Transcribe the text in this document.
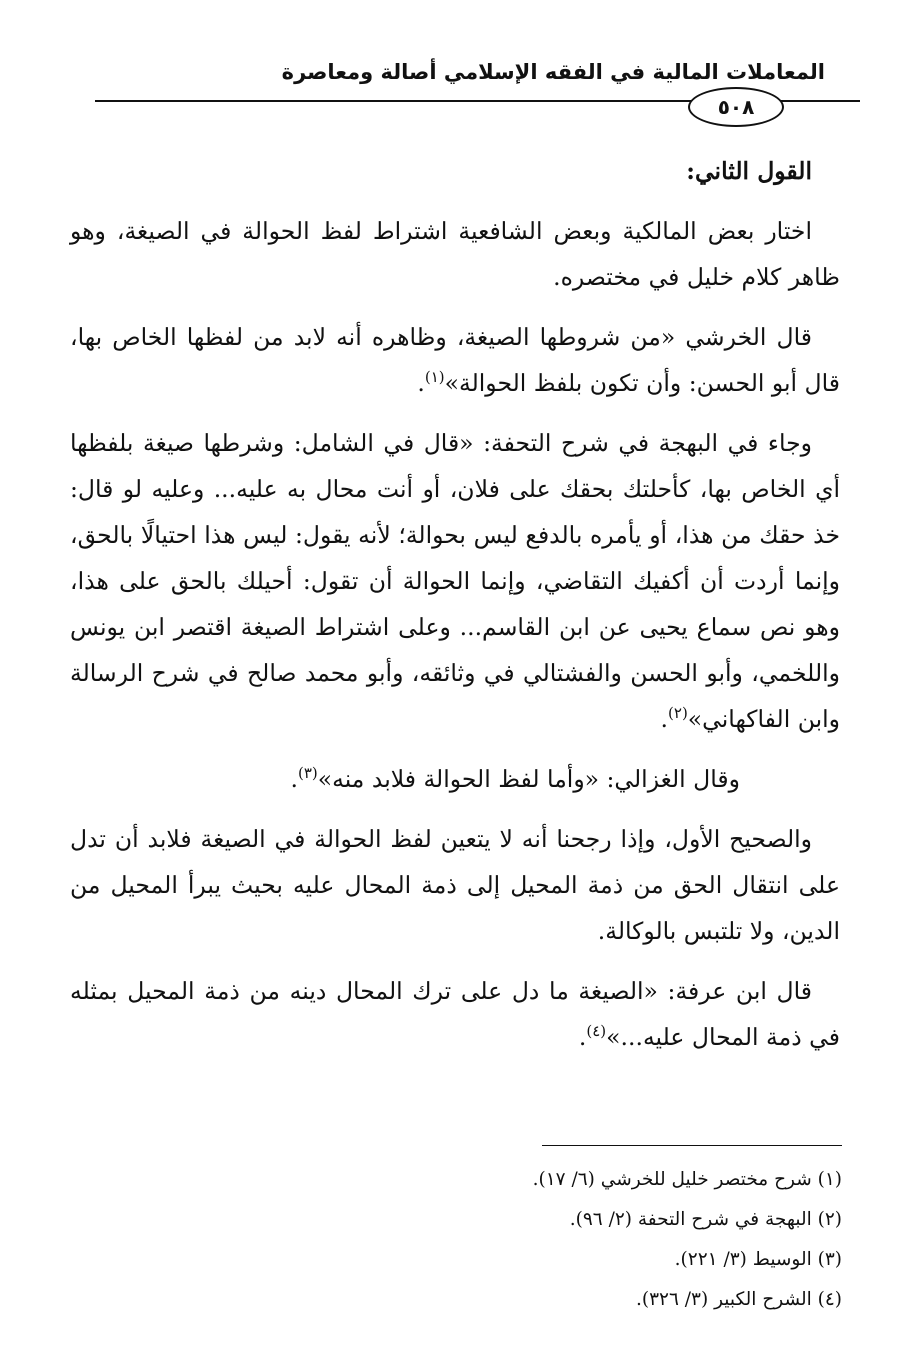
المعاملات المالية في الفقه الإسلامي أصالة ومعاصرة
٥٠٨

القول الثاني:

اختار بعض المالكية وبعض الشافعية اشتراط لفظ الحوالة في الصيغة، وهو ظاهر كلام خليل في مختصره.

قال الخرشي «من شروطها الصيغة، وظاهره أنه لابد من لفظها الخاص بها، قال أبو الحسن: وأن تكون بلفظ الحوالة»$^{(١)}$.

وجاء في البهجة في شرح التحفة: «قال في الشامل: وشرطها صيغة بلفظها أي الخاص بها، كأحلتك بحقك على فلان، أو أنت محال به عليه... وعليه لو قال: خذ حقك من هذا، أو يأمره بالدفع ليس بحوالة؛ لأنه يقول: ليس هذا احتيالًا بالحق، وإنما أردت أن أكفيك التقاضي، وإنما الحوالة أن تقول: أحيلك بالحق على هذا، وهو نص سماع يحيى عن ابن القاسم... وعلى اشتراط الصيغة اقتصر ابن يونس واللخمي، وأبو الحسن والفشتالي في وثائقه، وأبو محمد صالح في شرح الرسالة وابن الفاكهاني»$^{(٢)}$.

وقال الغزالي: «وأما لفظ الحوالة فلابد منه»$^{(٣)}$.

والصحيح الأول، وإذا رجحنا أنه لا يتعين لفظ الحوالة في الصيغة فلابد أن تدل على انتقال الحق من ذمة المحيل إلى ذمة المحال عليه بحيث يبرأ المحيل من الدين، ولا تلتبس بالوكالة.

قال ابن عرفة: «الصيغة ما دل على ترك المحال دينه من ذمة المحيل بمثله في ذمة المحال عليه...»$^{(٤)}$.

(١) شرح مختصر خليل للخرشي (٦/ ١٧).

(٢) البهجة في شرح التحفة (٢/ ٩٦).

(٣) الوسيط (٣/ ٢٢١).

(٤) الشرح الكبير (٣/ ٣٢٦).
